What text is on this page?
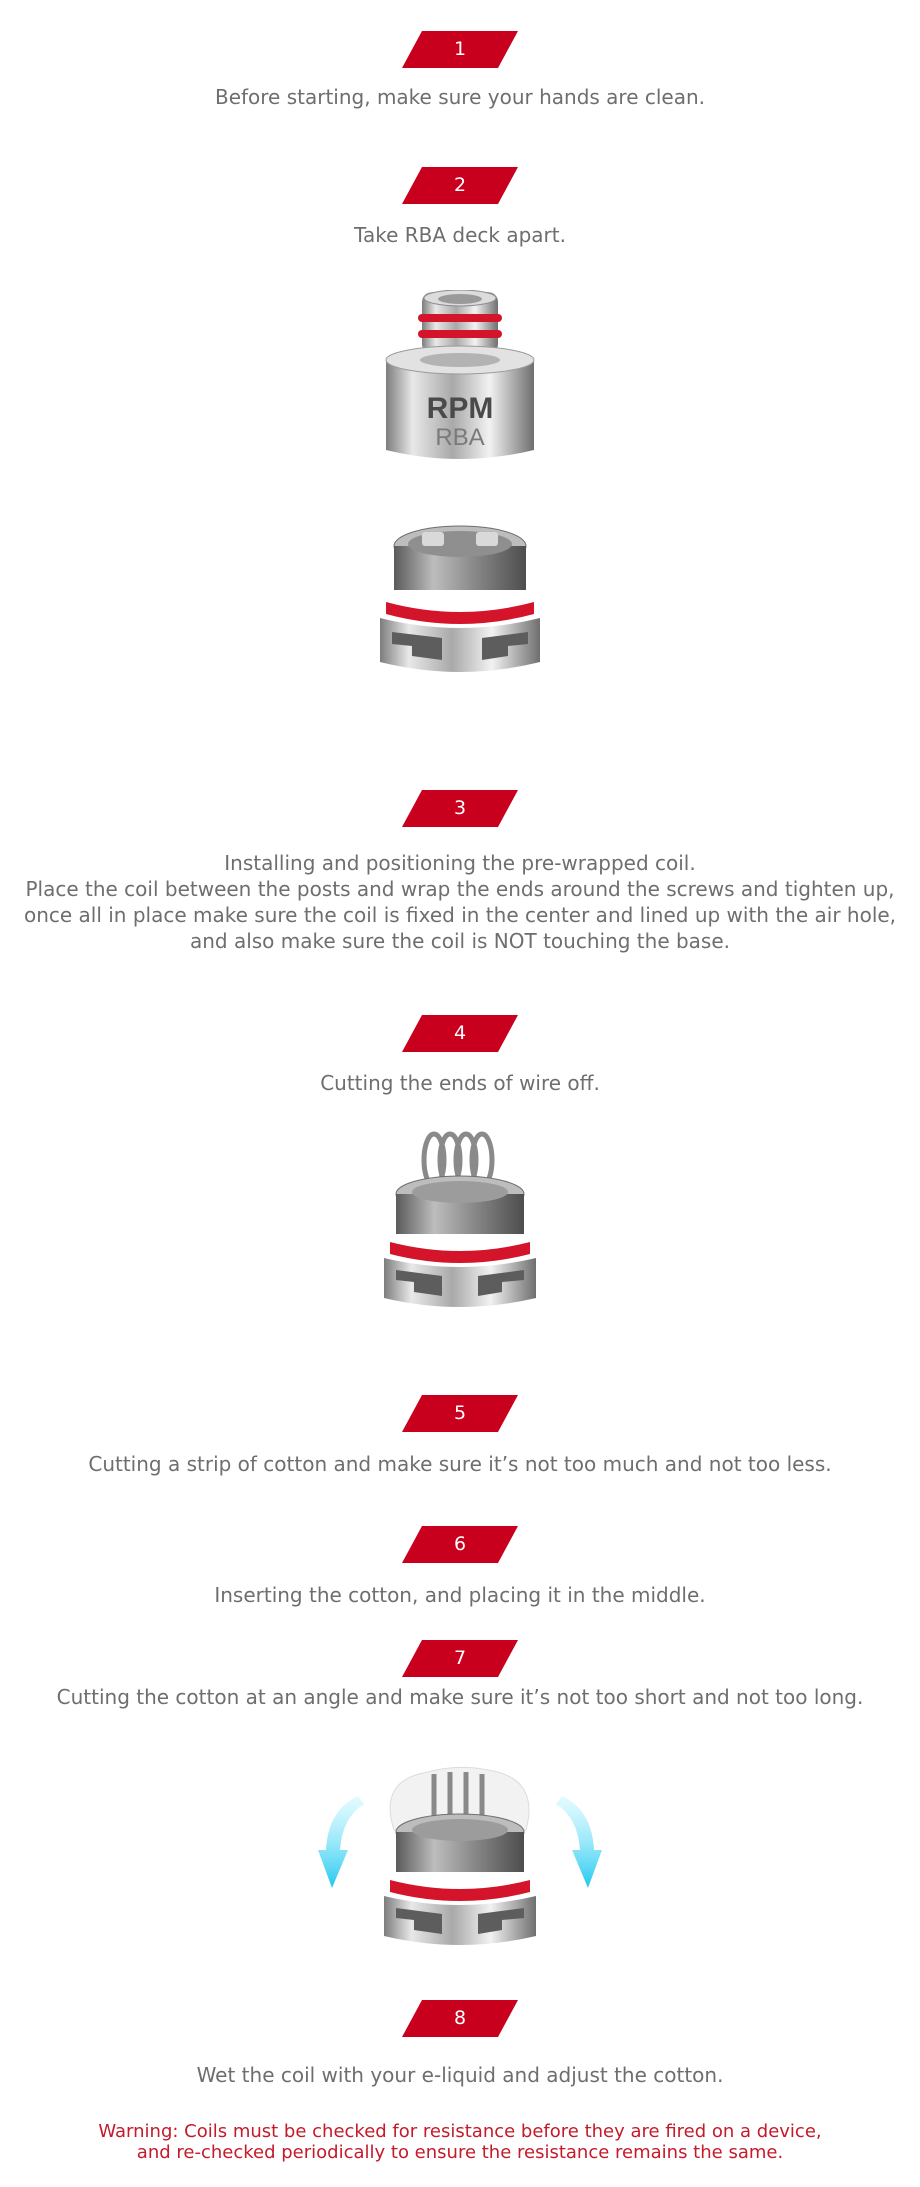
1
Before starting, make sure your hands are clean.
2
Take RBA deck apart.
RPM
RBA
3
Installing and positioning the pre-wrapped coil.
Place the coil between the posts and wrap the ends around the screws and tighten up,
once all in place make sure the coil is fixed in the center and lined up with the air hole,
and also make sure the coil is NOT touching the base.
4
Cutting the ends of wire off.
5
Cutting a strip of cotton and make sure it’s not too much and not too less.
6
Inserting the cotton, and placing it in the middle.
7
Cutting the cotton at an angle and make sure it’s not too short and not too long.
8
Wet the coil with your e-liquid and adjust the cotton.
Warning: Coils must be checked for resistance before they are fired on a device,
and re-checked periodically to ensure the resistance remains the same.
